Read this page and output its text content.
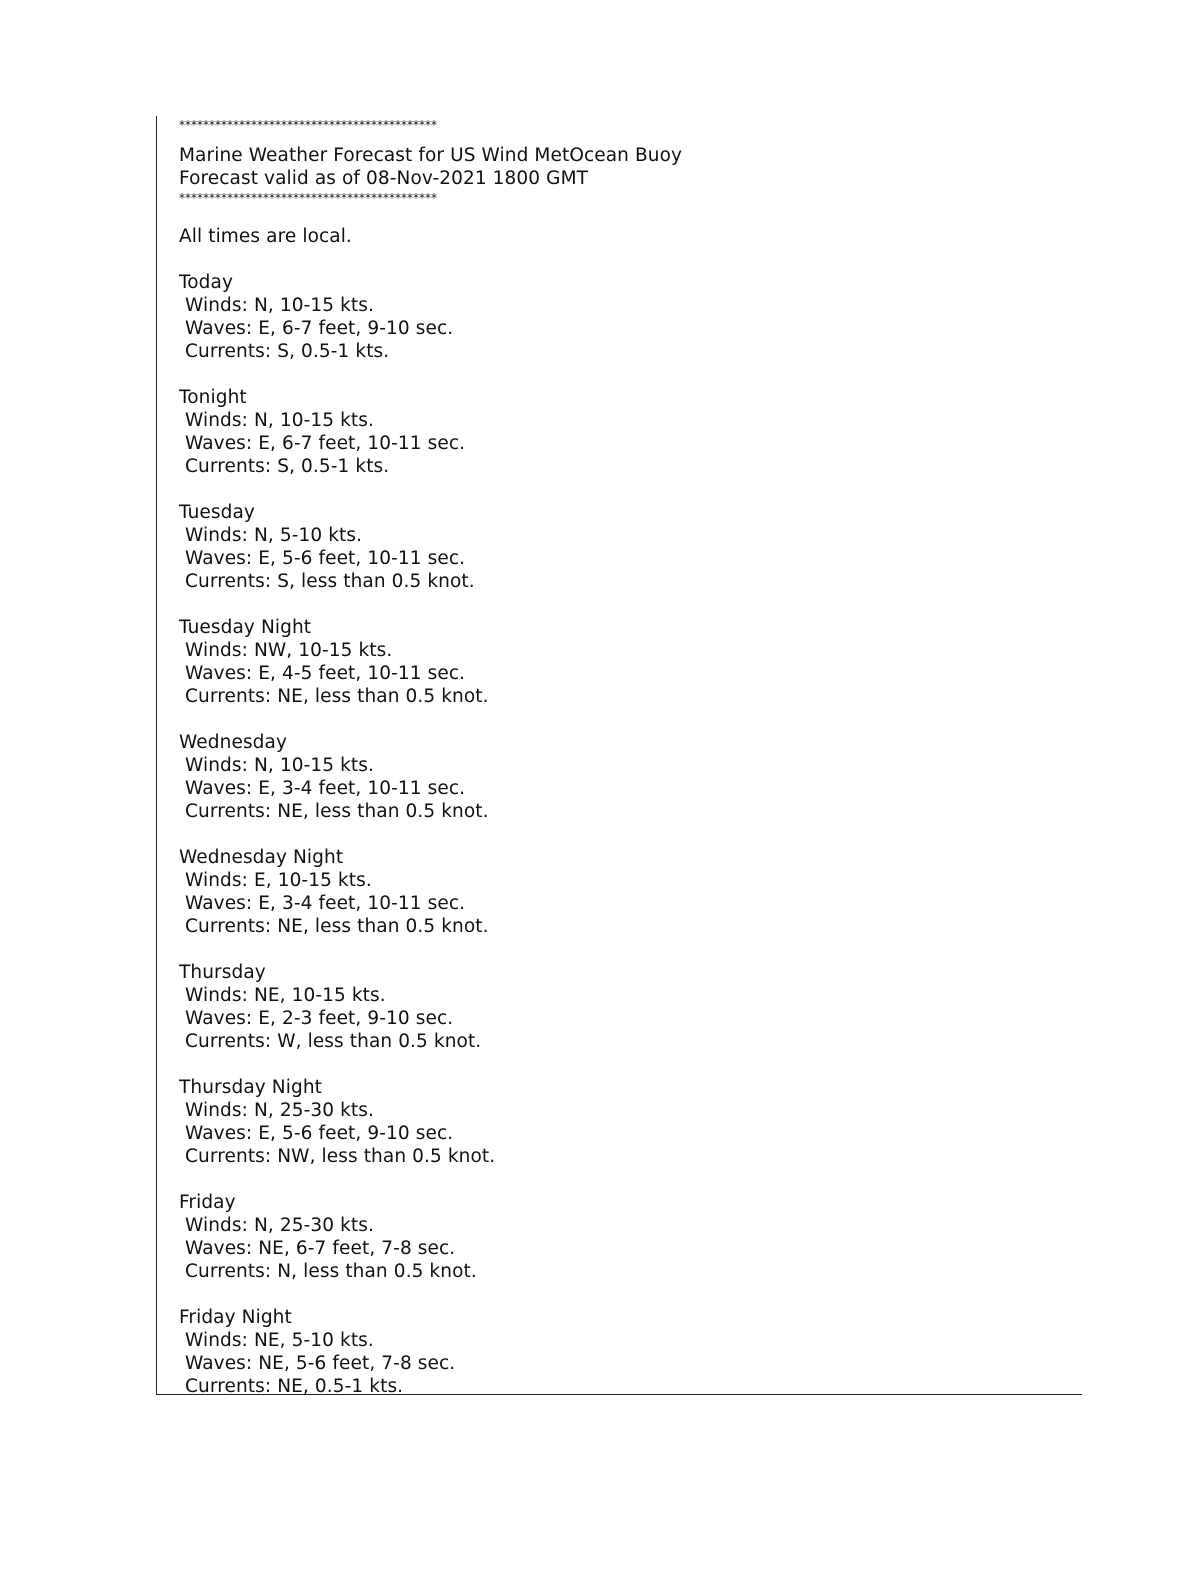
*******************************************
Marine Weather Forecast for US Wind MetOcean Buoy
Forecast valid as of 08-Nov-2021 1800 GMT
*******************************************
All times are local.
Today
Winds: N, 10-15 kts.
Waves: E, 6-7 feet, 9-10 sec.
Currents: S, 0.5-1 kts.
Tonight
Winds: N, 10-15 kts.
Waves: E, 6-7 feet, 10-11 sec.
Currents: S, 0.5-1 kts.
Tuesday
Winds: N, 5-10 kts.
Waves: E, 5-6 feet, 10-11 sec.
Currents: S, less than 0.5 knot.
Tuesday Night
Winds: NW, 10-15 kts.
Waves: E, 4-5 feet, 10-11 sec.
Currents: NE, less than 0.5 knot.
Wednesday
Winds: N, 10-15 kts.
Waves: E, 3-4 feet, 10-11 sec.
Currents: NE, less than 0.5 knot.
Wednesday Night
Winds: E, 10-15 kts.
Waves: E, 3-4 feet, 10-11 sec.
Currents: NE, less than 0.5 knot.
Thursday
Winds: NE, 10-15 kts.
Waves: E, 2-3 feet, 9-10 sec.
Currents: W, less than 0.5 knot.
Thursday Night
Winds: N, 25-30 kts.
Waves: E, 5-6 feet, 9-10 sec.
Currents: NW, less than 0.5 knot.
Friday
Winds: N, 25-30 kts.
Waves: NE, 6-7 feet, 7-8 sec.
Currents: N, less than 0.5 knot.
Friday Night
Winds: NE, 5-10 kts.
Waves: NE, 5-6 feet, 7-8 sec.
Currents: NE, 0.5-1 kts.
